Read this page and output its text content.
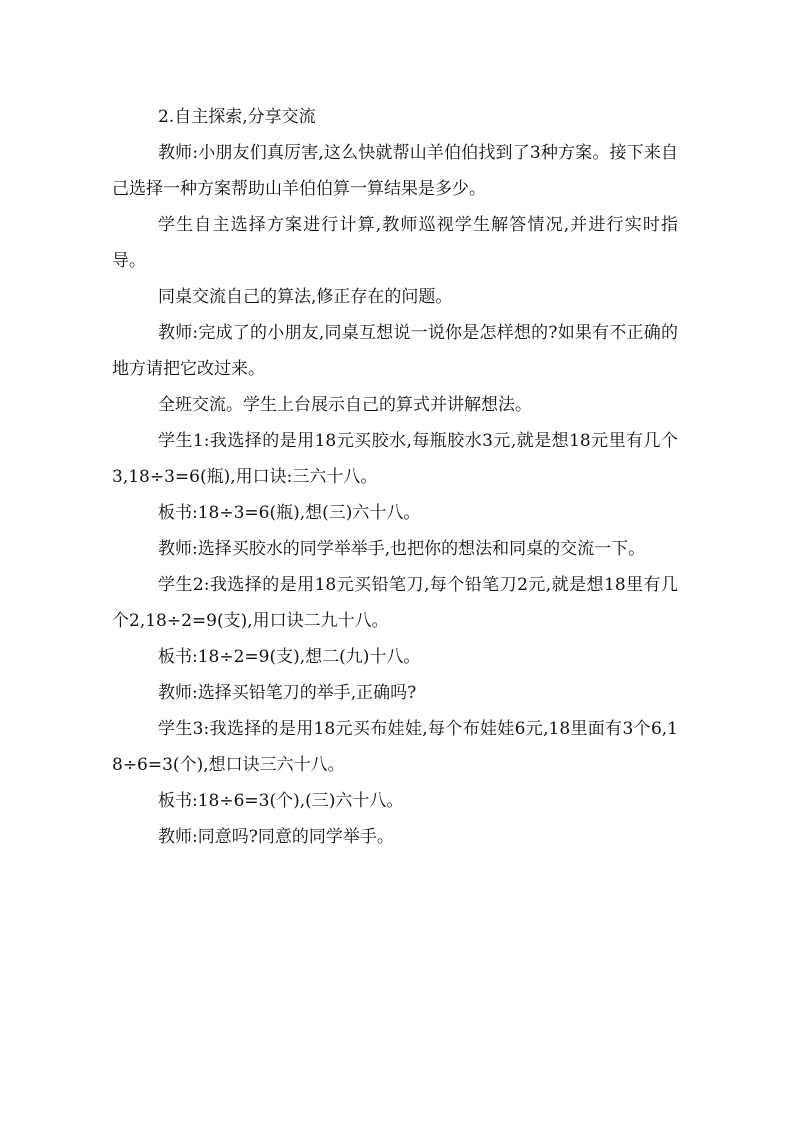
2.自主探索,分享交流

教师:小朋友们真厉害,这么快就帮山羊伯伯找到了3种方案。接下来自己选择一种方案帮助山羊伯伯算一算结果是多少。

学生自主选择方案进行计算,教师巡视学生解答情况,并进行实时指导。

同桌交流自己的算法,修正存在的问题。

教师:完成了的小朋友,同桌互想说一说你是怎样想的?如果有不正确的地方请把它改过来。

全班交流。学生上台展示自己的算式并讲解想法。

学生1:我选择的是用18元买胶水,每瓶胶水3元,就是想18元里有几个3,18÷3=6(瓶),用口诀:三六十八。

板书:18÷3=6(瓶),想(三)六十八。

教师:选择买胶水的同学举举手,也把你的想法和同桌的交流一下。

学生2:我选择的是用18元买铅笔刀,每个铅笔刀2元,就是想18里有几个2,18÷2=9(支),用口诀二九十八。

板书:18÷2=9(支),想二(九)十八。

教师:选择买铅笔刀的举手,正确吗?

学生3:我选择的是用18元买布娃娃,每个布娃娃6元,18里面有3个6,18÷6=3(个),想口诀三六十八。

板书:18÷6=3(个),(三)六十八。

教师:同意吗?同意的同学举手。
